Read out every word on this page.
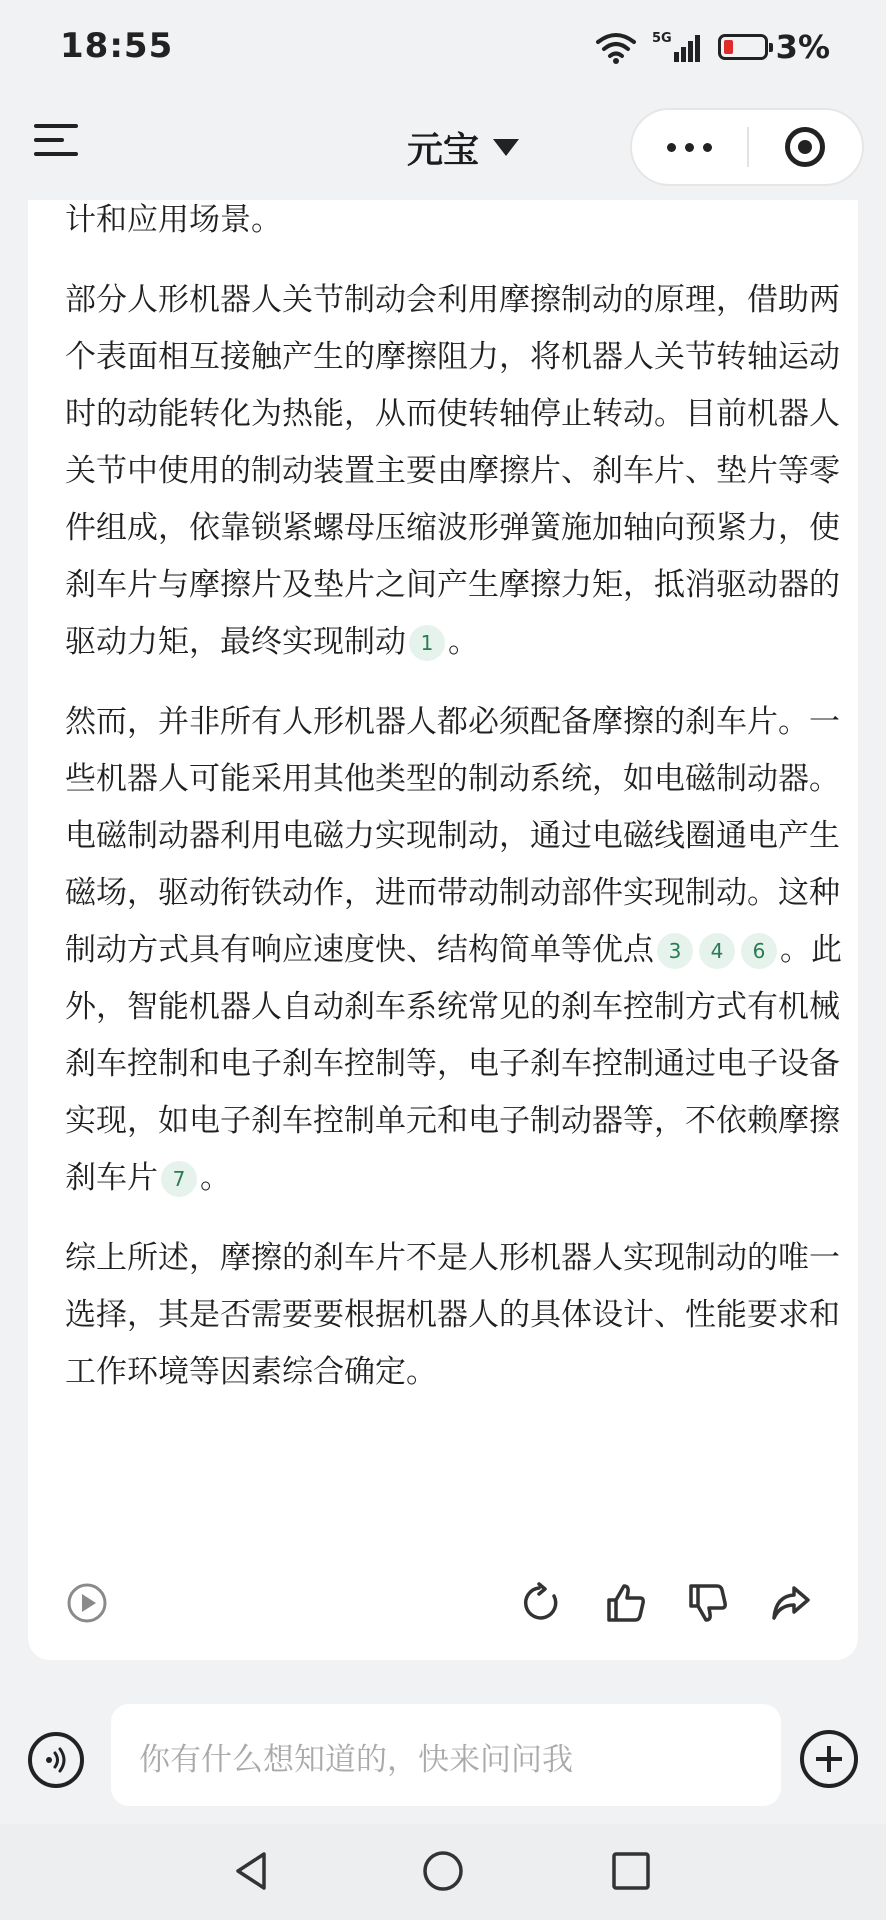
18:55	5G	3%
元宝

计和应用场景。

部分人形机器人关节制动会利用摩擦制动的原理，借助两个表面相互接触产生的摩擦阻力，将机器人关节转轴运动时的动能转化为热能，从而使转轴停止转动。目前机器人关节中使用的制动装置主要由摩擦片、刹车片、垫片等零件组成，依靠锁紧螺母压缩波形弹簧施加轴向预紧力，使刹车片与摩擦片及垫片之间产生摩擦力矩，抵消驱动器的驱动力矩，最终实现制动 1 。

然而，并非所有人形机器人都必须配备摩擦的刹车片。一些机器人可能采用其他类型的制动系统，如电磁制动器。电磁制动器利用电磁力实现制动，通过电磁线圈通电产生磁场，驱动衔铁动作，进而带动制动部件实现制动。这种制动方式具有响应速度快、结构简单等优点 3 4 6 。此外，智能机器人自动刹车系统常见的刹车控制方式有机械刹车控制和电子刹车控制等，电子刹车控制通过电子设备实现，如电子刹车控制单元和电子制动器等，不依赖摩擦刹车片 7 。

综上所述，摩擦的刹车片不是人形机器人实现制动的唯一选择，其是否需要要根据机器人的具体设计、性能要求和工作环境等因素综合确定。

你有什么想知道的，快来问问我
